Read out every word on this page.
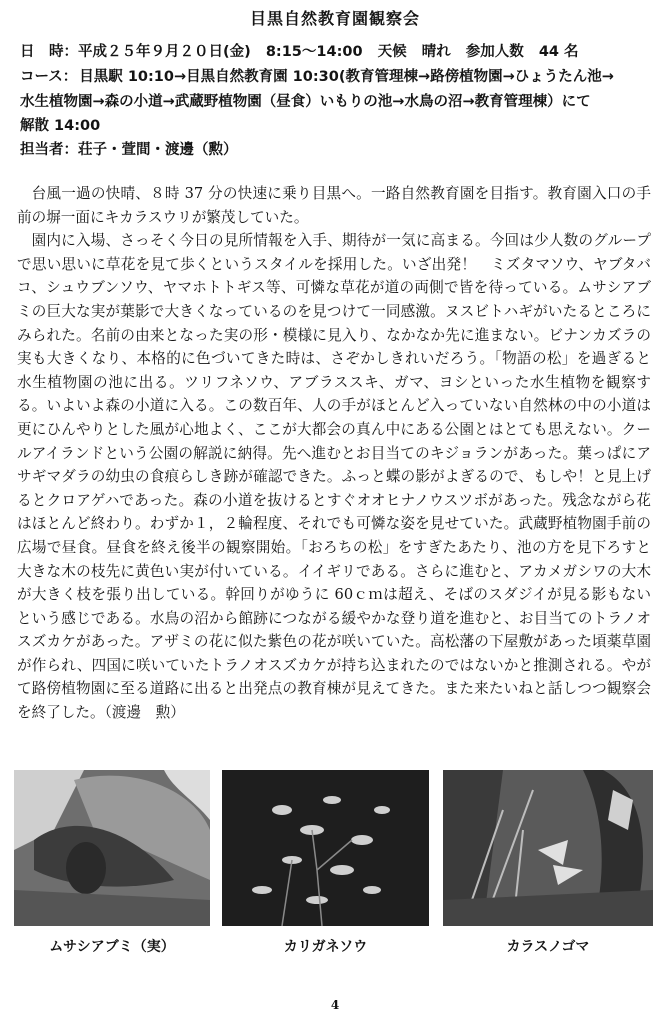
目黒自然教育園観察会
日　時：平成２５年９月２０日(金) 8:15～14:00 天候 晴れ 参加人数 44 名
コース： 目黒駅 10:10→目黒自然教育園 10:30(教育管理棟→路傍植物園→ひょうたん池→
水生植物園→森の小道→武蔵野植物園（昼食）いもりの池→水鳥の沼→教育管理棟）にて
解散 14:00
担当者：荘子・萱間・渡邊（勲）

台風一過の快晴、８時 37 分の快速に乗り目黒へ。一路自然教育園を目指す。教育園入口の手前の塀一面にキカラスウリが繁茂していた。

園内に入場、さっそく今日の見所情報を入手、期待が一気に高まる。今回は少人数のグループで思い思いに草花を見て歩くというスタイルを採用した。いざ出発！　ミズタマソウ、ヤブタバコ、シュウブンソウ、ヤマホトトギス等、可憐な草花が道の両側で皆を待っている。ムサシアブミの巨大な実が葉影で大きくなっているのを見つけて一同感激。ヌスビトハギがいたるところにみられた。名前の由来となった実の形・模様に見入り、なかなか先に進まない。ビナンカズラの実も大きくなり、本格的に色づいてきた時は、さぞかしきれいだろう。「物語の松」を過ぎると水生植物園の池に出る。ツリフネソウ、アブラススキ、ガマ、ヨシといった水生植物を観察する。いよいよ森の小道に入る。この数百年、人の手がほとんど入っていない自然林の中の小道は更にひんやりとした風が心地よく、ここが大都会の真ん中にある公園とはとても思えない。クールアイランドという公園の解説に納得。先へ進むとお目当てのキジョランがあった。葉っぱにアサギマダラの幼虫の食痕らしき跡が確認できた。ふっと蝶の影がよぎるので、もしや！と見上げるとクロアゲハであった。森の小道を抜けるとすぐオオヒナノウスツボがあった。残念ながら花はほとんど終わり。わずか１，２輪程度、それでも可憐な姿を見せていた。武蔵野植物園手前の広場で昼食。昼食を終え後半の観察開始。「おろちの松」をすぎたあたり、池の方を見下ろすと大きな木の枝先に黄色い実が付いている。イイギリである。さらに進むと、アカメガシワの大木が大きく枝を張り出している。幹回りがゆうに 60ｃｍは超え、そばのスダジイが見る影もないという感じである。水鳥の沼から館跡につながる緩やかな登り道を進むと、お目当てのトラノオスズカケがあった。アザミの花に似た紫色の花が咲いていた。高松藩の下屋敷があった頃薬草園が作られ、四国に咲いていたトラノオスズカケが持ち込まれたのではないかと推測される。やがて路傍植物園に至る道路に出ると出発点の教育棟が見えてきた。また来たいねと話しつつ観察会を終了した。（渡邊　勲）

ムサシアブミ（実）	カリガネソウ	カラスノゴマ
4
